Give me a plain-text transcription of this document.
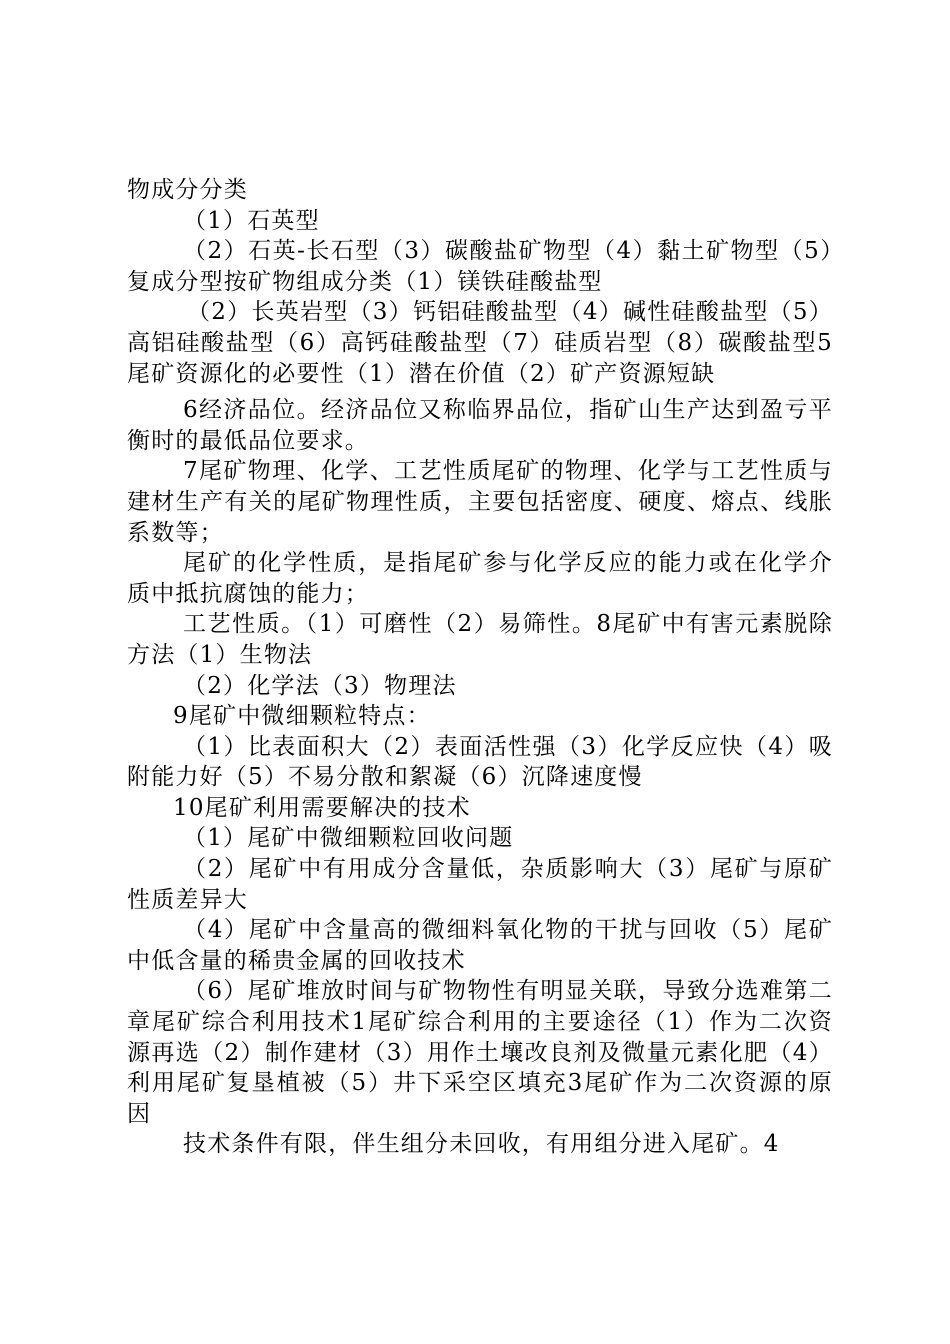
物成分分类

（1）石英型

（2）石英-长石型（3）碳酸盐矿物型（4）黏土矿物型（5）复成分型按矿物组成分类（1）镁铁硅酸盐型

（2）长英岩型（3）钙铝硅酸盐型（4）碱性硅酸盐型（5）高铝硅酸盐型（6）高钙硅酸盐型（7）硅质岩型（8）碳酸盐型5尾矿资源化的必要性（1）潜在价值（2）矿产资源短缺

6经济品位。经济品位又称临界品位，指矿山生产达到盈亏平衡时的最低品位要求。

7尾矿物理、化学、工艺性质尾矿的物理、化学与工艺性质与建材生产有关的尾矿物理性质，主要包括密度、硬度、熔点、线胀系数等；

尾矿的化学性质，是指尾矿参与化学反应的能力或在化学介质中抵抗腐蚀的能力；

工艺性质。（1）可磨性（2）易筛性。8尾矿中有害元素脱除方法（1）生物法

（2）化学法（3）物理法

9尾矿中微细颗粒特点：

（1）比表面积大（2）表面活性强（3）化学反应快（4）吸附能力好（5）不易分散和絮凝（6）沉降速度慢

10尾矿利用需要解决的技术

（1）尾矿中微细颗粒回收问题

（2）尾矿中有用成分含量低，杂质影响大（3）尾矿与原矿性质差异大

（4）尾矿中含量高的微细料氧化物的干扰与回收（5）尾矿中低含量的稀贵金属的回收技术

（6）尾矿堆放时间与矿物物性有明显关联，导致分选难第二章尾矿综合利用技术1尾矿综合利用的主要途径（1）作为二次资源再选（2）制作建材（3）用作土壤改良剂及微量元素化肥（4）利用尾矿复垦植被（5）井下采空区填充3尾矿作为二次资源的原因

技术条件有限，伴生组分未回收，有用组分进入尾矿。4
